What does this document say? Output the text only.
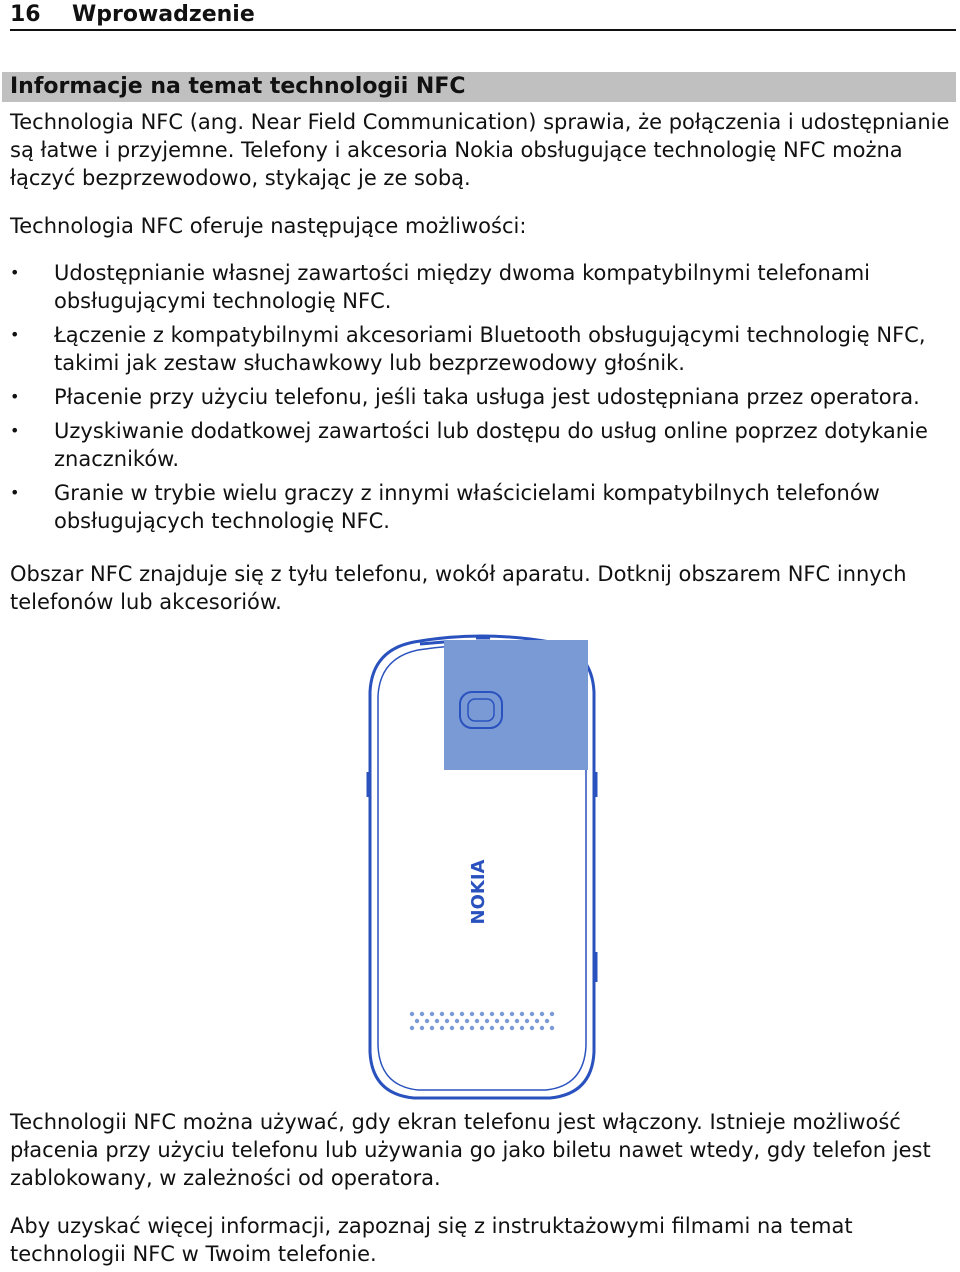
16 Wprowadzenie
Informacje na temat technologii NFC

Technologia NFC (ang. Near Field Communication) sprawia, że połączenia i udostępnianie są łatwe i przyjemne. Telefony i akcesoria Nokia obsługujące technologię NFC można łączyć bezprzewodowo, stykając je ze sobą.

Technologia NFC oferuje następujące możliwości:

• Udostępnianie własnej zawartości między dwoma kompatybilnymi telefonami obsługującymi technologię NFC.
• Łączenie z kompatybilnymi akcesoriami Bluetooth obsługującymi technologię NFC, takimi jak zestaw słuchawkowy lub bezprzewodowy głośnik.
• Płacenie przy użyciu telefonu, jeśli taka usługa jest udostępniana przez operatora.
• Uzyskiwanie dodatkowej zawartości lub dostępu do usług online poprzez dotykanie znaczników.
• Granie w trybie wielu graczy z innymi właścicielami kompatybilnych telefonów obsługujących technologię NFC.

Obszar NFC znajduje się z tyłu telefonu, wokół aparatu. Dotknij obszarem NFC innych telefonów lub akcesoriów.

NOKIA

Technologii NFC można używać, gdy ekran telefonu jest włączony. Istnieje możliwość płacenia przy użyciu telefonu lub używania go jako biletu nawet wtedy, gdy telefon jest zablokowany, w zależności od operatora.

Aby uzyskać więcej informacji, zapoznaj się z instruktażowymi filmami na temat technologii NFC w Twoim telefonie.
